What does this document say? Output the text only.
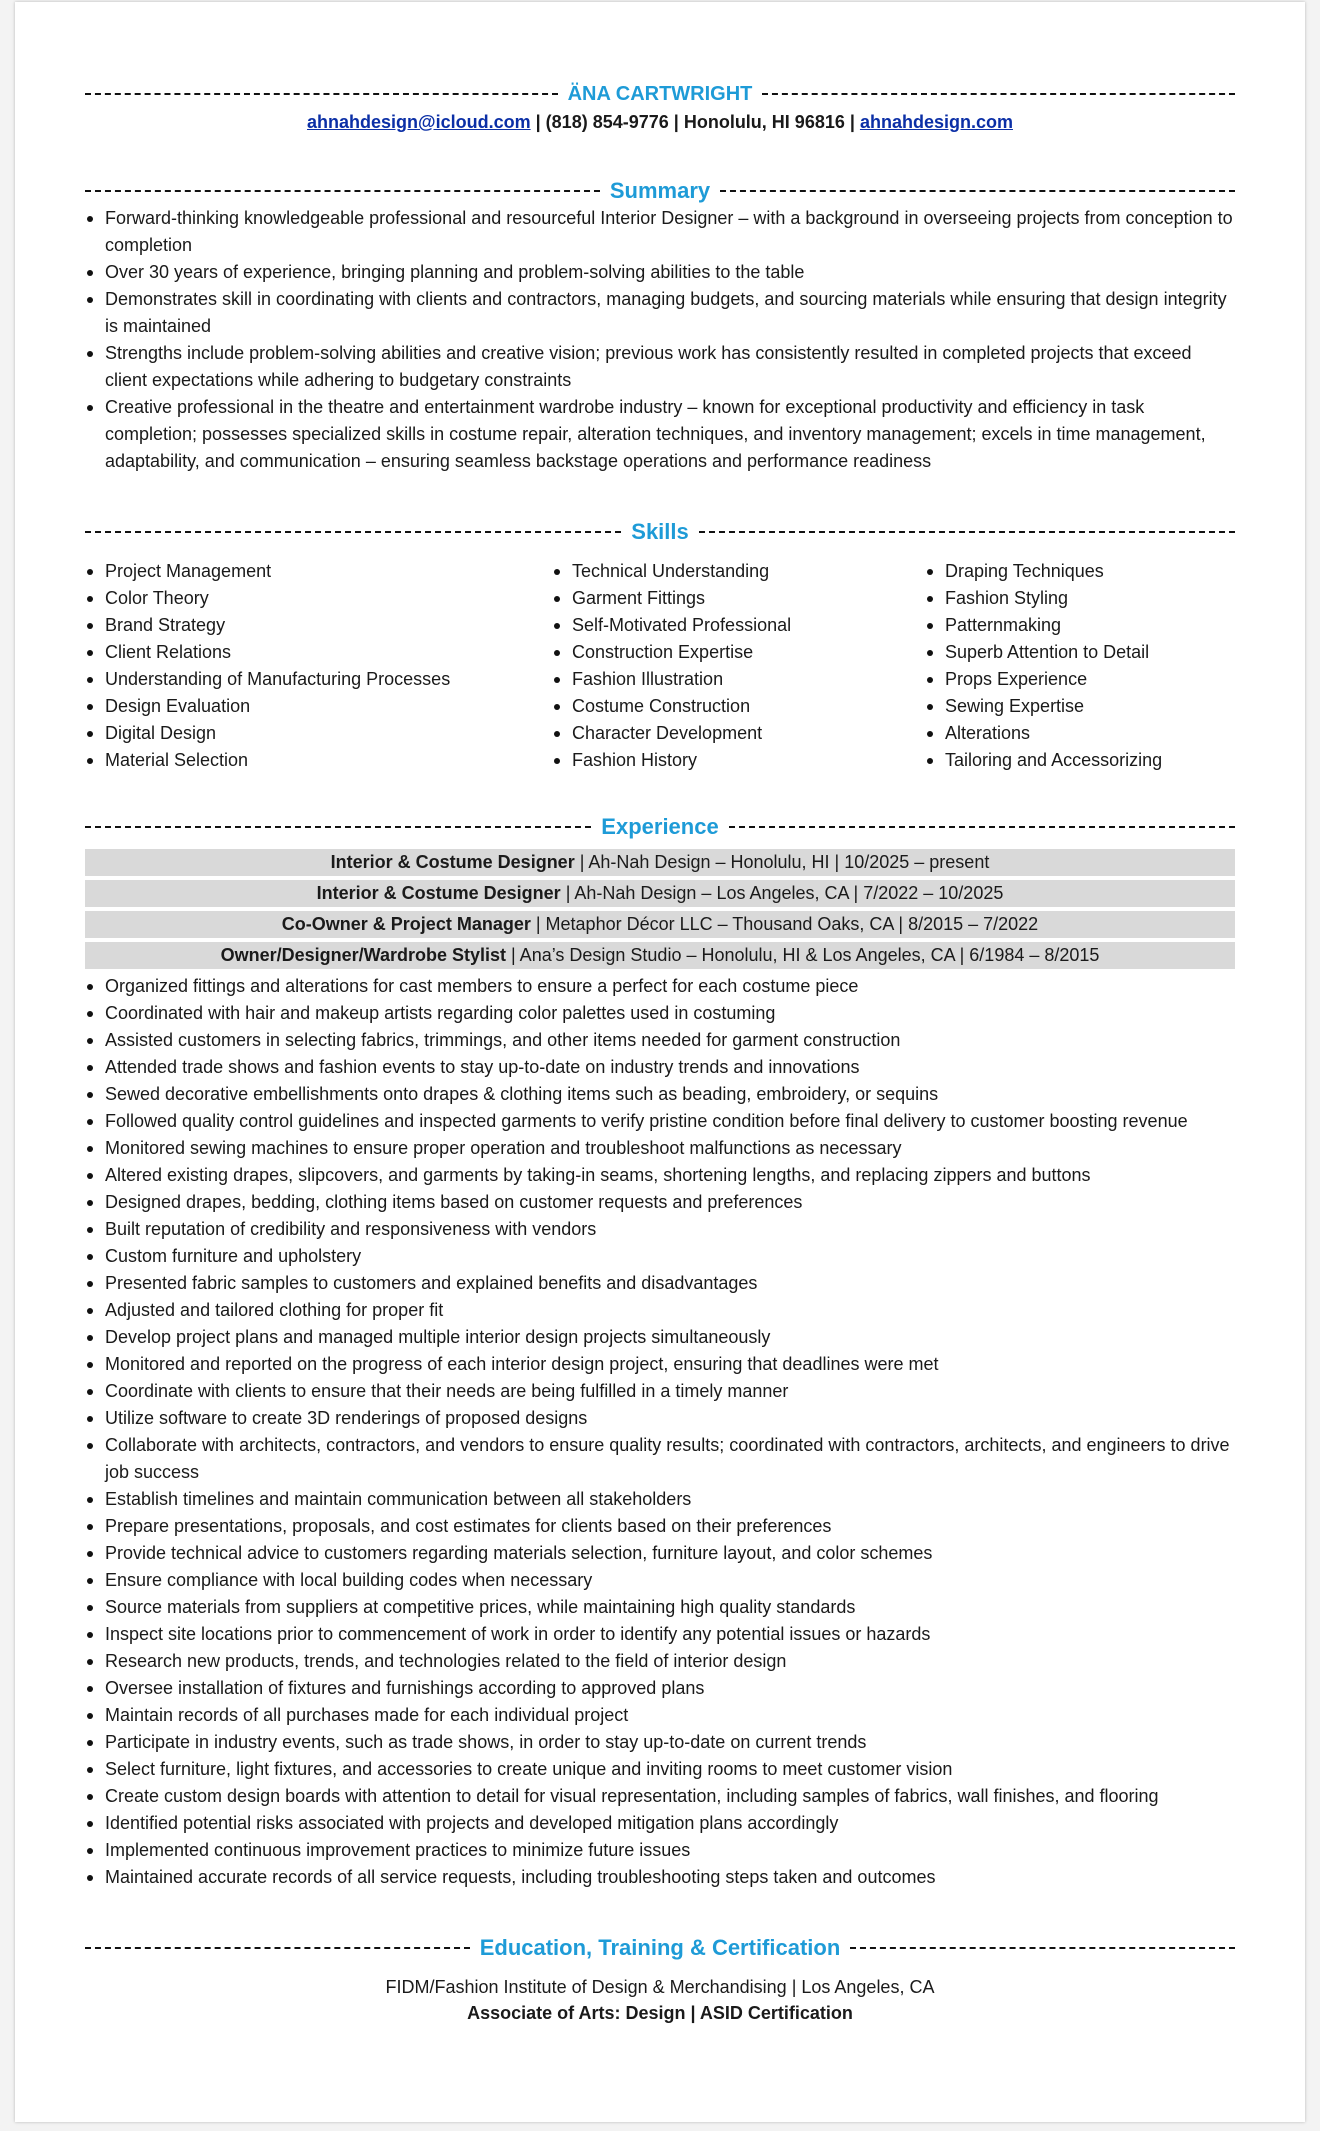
ÄNA CARTWRIGHT
ahnahdesign@icloud.com | (818) 854-9776 | Honolulu, HI 96816 | ahnahdesign.com
Summary
Forward-thinking knowledgeable professional and resourceful Interior Designer – with a background in overseeing projects from conception to completion
Over 30 years of experience, bringing planning and problem-solving abilities to the table
Demonstrates skill in coordinating with clients and contractors, managing budgets, and sourcing materials while ensuring that design integrity is maintained
Strengths include problem-solving abilities and creative vision; previous work has consistently resulted in completed projects that exceed client expectations while adhering to budgetary constraints
Creative professional in the theatre and entertainment wardrobe industry – known for exceptional productivity and efficiency in task completion; possesses specialized skills in costume repair, alteration techniques, and inventory management; excels in time management, adaptability, and communication – ensuring seamless backstage operations and performance readiness
Skills
Project Management
Color Theory
Brand Strategy
Client Relations
Understanding of Manufacturing Processes
Design Evaluation
Digital Design
Material Selection
Technical Understanding
Garment Fittings
Self-Motivated Professional
Construction Expertise
Fashion Illustration
Costume Construction
Character Development
Fashion History
Draping Techniques
Fashion Styling
Patternmaking
Superb Attention to Detail
Props Experience
Sewing Expertise
Alterations
Tailoring and Accessorizing
Experience
Interior & Costume Designer | Ah-Nah Design – Honolulu, HI | 10/2025 – present
Interior & Costume Designer | Ah-Nah Design – Los Angeles, CA | 7/2022 – 10/2025
Co-Owner & Project Manager | Metaphor Décor LLC – Thousand Oaks, CA | 8/2015 – 7/2022
Owner/Designer/Wardrobe Stylist | Ana’s Design Studio – Honolulu, HI & Los Angeles, CA | 6/1984 – 8/2015
Organized fittings and alterations for cast members to ensure a perfect for each costume piece
Coordinated with hair and makeup artists regarding color palettes used in costuming
Assisted customers in selecting fabrics, trimmings, and other items needed for garment construction
Attended trade shows and fashion events to stay up-to-date on industry trends and innovations
Sewed decorative embellishments onto drapes & clothing items such as beading, embroidery, or sequins
Followed quality control guidelines and inspected garments to verify pristine condition before final delivery to customer boosting revenue
Monitored sewing machines to ensure proper operation and troubleshoot malfunctions as necessary
Altered existing drapes, slipcovers, and garments by taking-in seams, shortening lengths, and replacing zippers and buttons
Designed drapes, bedding, clothing items based on customer requests and preferences
Built reputation of credibility and responsiveness with vendors
Custom furniture and upholstery
Presented fabric samples to customers and explained benefits and disadvantages
Adjusted and tailored clothing for proper fit
Develop project plans and managed multiple interior design projects simultaneously
Monitored and reported on the progress of each interior design project, ensuring that deadlines were met
Coordinate with clients to ensure that their needs are being fulfilled in a timely manner
Utilize software to create 3D renderings of proposed designs
Collaborate with architects, contractors, and vendors to ensure quality results; coordinated with contractors, architects, and engineers to drive job success
Establish timelines and maintain communication between all stakeholders
Prepare presentations, proposals, and cost estimates for clients based on their preferences
Provide technical advice to customers regarding materials selection, furniture layout, and color schemes
Ensure compliance with local building codes when necessary
Source materials from suppliers at competitive prices, while maintaining high quality standards
Inspect site locations prior to commencement of work in order to identify any potential issues or hazards
Research new products, trends, and technologies related to the field of interior design
Oversee installation of fixtures and furnishings according to approved plans
Maintain records of all purchases made for each individual project
Participate in industry events, such as trade shows, in order to stay up-to-date on current trends
Select furniture, light fixtures, and accessories to create unique and inviting rooms to meet customer vision
Create custom design boards with attention to detail for visual representation, including samples of fabrics, wall finishes, and flooring
Identified potential risks associated with projects and developed mitigation plans accordingly
Implemented continuous improvement practices to minimize future issues
Maintained accurate records of all service requests, including troubleshooting steps taken and outcomes
Education, Training & Certification
FIDM/Fashion Institute of Design & Merchandising | Los Angeles, CA
Associate of Arts: Design | ASID Certification
